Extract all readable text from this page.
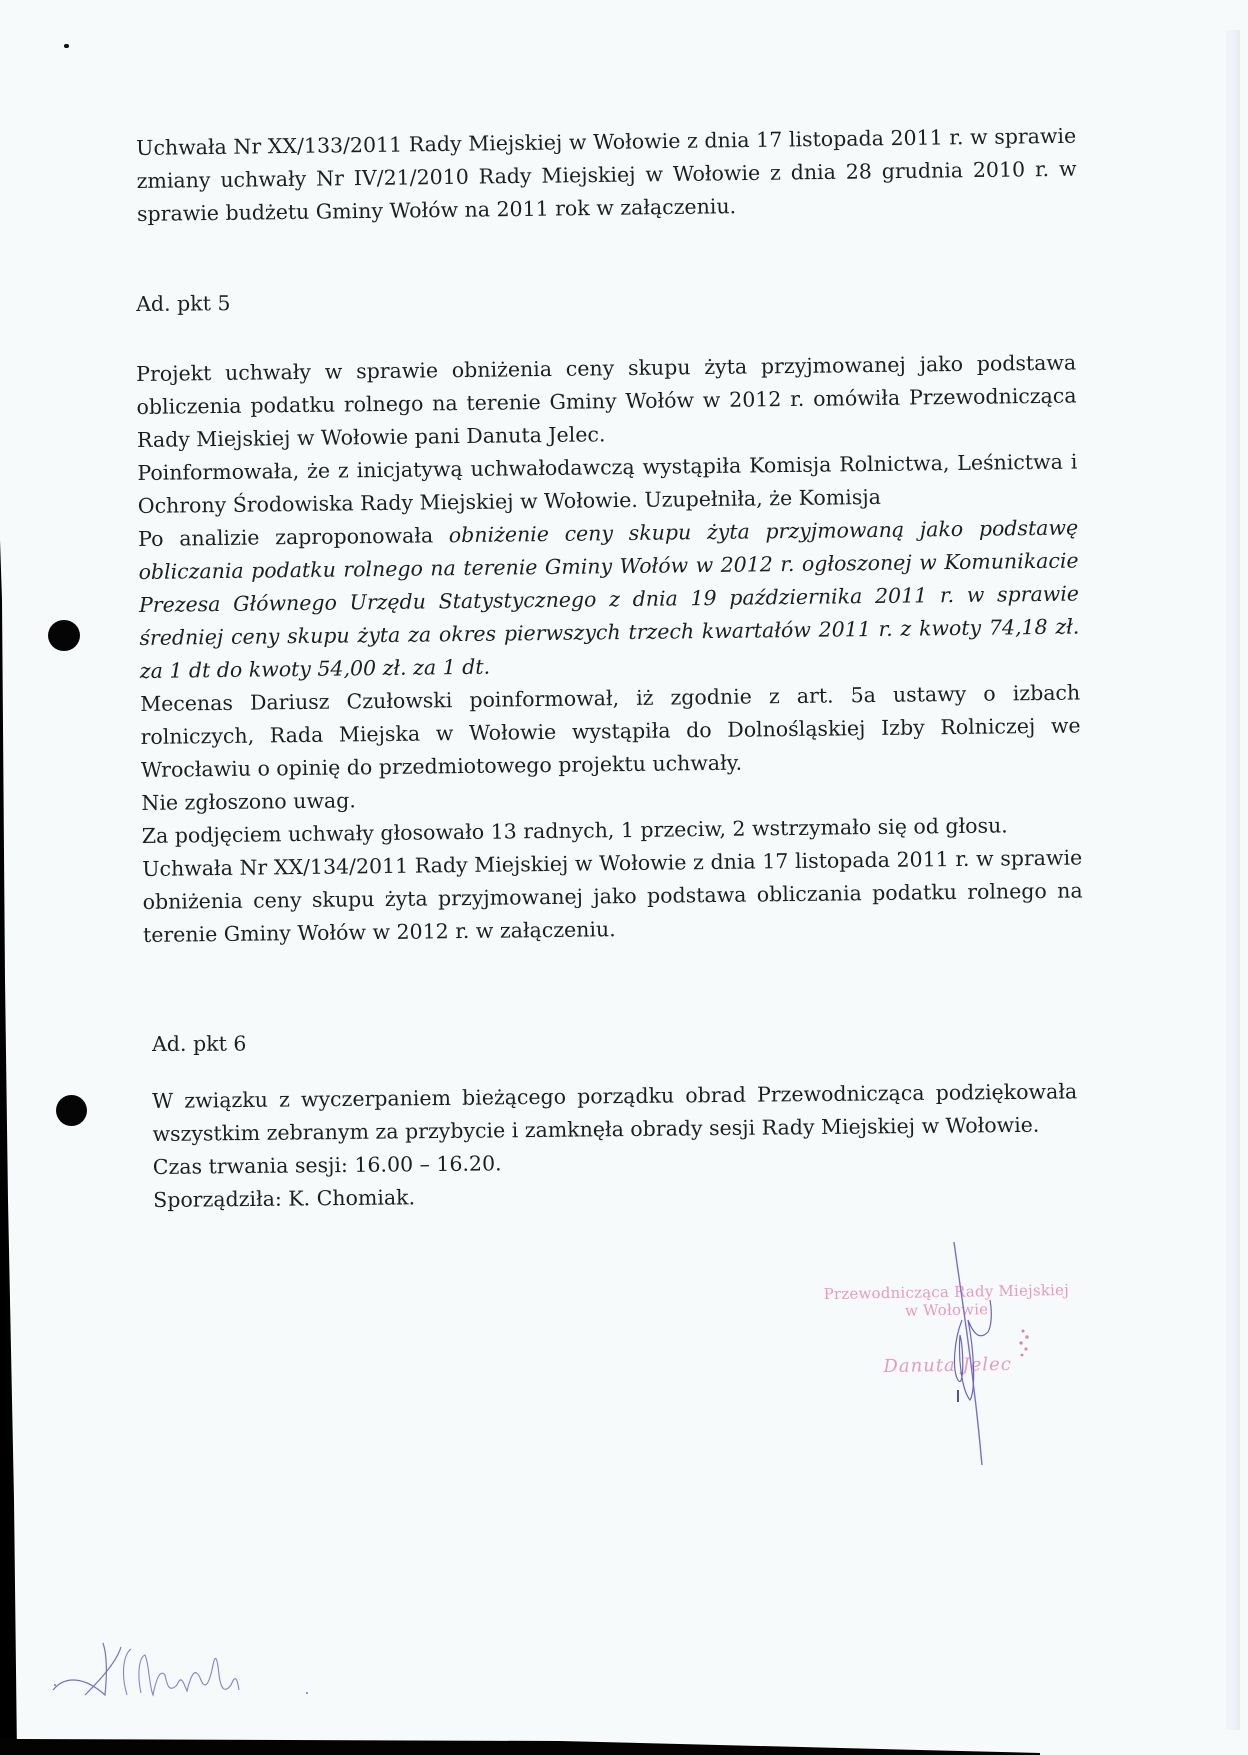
Uchwała Nr XX/133/2011 Rady Miejskiej w Wołowie z dnia 17 listopada 2011 r. w sprawie zmiany uchwały Nr IV/21/2010 Rady Miejskiej w Wołowie z dnia 28 grudnia 2010 r. w sprawie budżetu Gminy Wołów na 2011 rok w załączeniu.

Ad. pkt 5

Projekt uchwały w sprawie obniżenia ceny skupu żyta przyjmowanej jako podstawa obliczenia podatku rolnego na terenie Gminy Wołów w 2012 r. omówiła Przewodnicząca Rady Miejskiej w Wołowie pani Danuta Jelec.

Poinformowała, że z inicjatywą uchwałodawczą wystąpiła Komisja Rolnictwa, Leśnictwa i Ochrony Środowiska Rady Miejskiej w Wołowie. Uzupełniła, że Komisja

Po analizie zaproponowała obniżenie ceny skupu żyta przyjmowaną jako podstawę obliczania podatku rolnego na terenie Gminy Wołów w 2012 r. ogłoszonej w Komunikacie Prezesa Głównego Urzędu Statystycznego z dnia 19 października 2011 r. w sprawie średniej ceny skupu żyta za okres pierwszych trzech kwartałów 2011 r. z kwoty 74,18 zł. za 1 dt do kwoty 54,00 zł. za 1 dt.

Mecenas Dariusz Czułowski poinformował, iż zgodnie z art. 5a ustawy o izbach rolniczych, Rada Miejska w Wołowie wystąpiła do Dolnośląskiej Izby Rolniczej we Wrocławiu o opinię do przedmiotowego projektu uchwały.

Nie zgłoszono uwag.

Za podjęciem uchwały głosowało 13 radnych, 1 przeciw, 2 wstrzymało się od głosu.

Uchwała Nr XX/134/2011 Rady Miejskiej w Wołowie z dnia 17 listopada 2011 r. w sprawie obniżenia ceny skupu żyta przyjmowanej jako podstawa obliczania podatku rolnego na terenie Gminy Wołów w 2012 r. w załączeniu.

Ad. pkt 6

W związku z wyczerpaniem bieżącego porządku obrad Przewodnicząca podziękowała wszystkim zebranym za przybycie i zamknęła obrady sesji Rady Miejskiej w Wołowie.

Czas trwania sesji: 16.00 – 16.20.

Sporządziła: K. Chomiak.

Przewodnicząca Rady Miejskiej
w Wołowie
Danuta Jelec
